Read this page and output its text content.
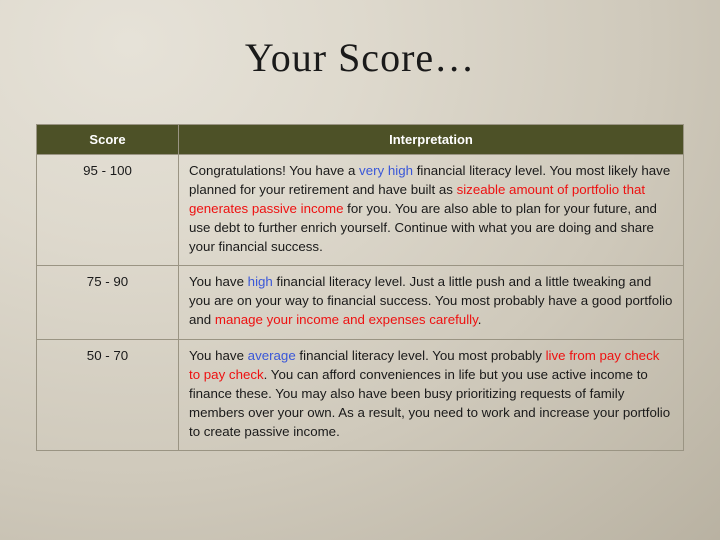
Your Score…
Score	Interpretation
95 - 100	Congratulations! You have a very high financial literacy level. You most likely have planned for your retirement and have built as sizeable amount of portfolio that generates passive income for you. You are also able to plan for your future, and use debt to further enrich yourself. Continue with what you are doing and share your financial success.
75 - 90	You have high financial literacy level. Just a little push and a little tweaking and you are on your way to financial success. You most probably have a good portfolio and manage your income and expenses carefully.
50 - 70	You have average financial literacy level. You most probably live from pay check to pay check. You can afford conveniences in life but you use active income to finance these. You may also have been busy prioritizing requests of family members over your own. As a result, you need to work and increase your portfolio to create passive income.
